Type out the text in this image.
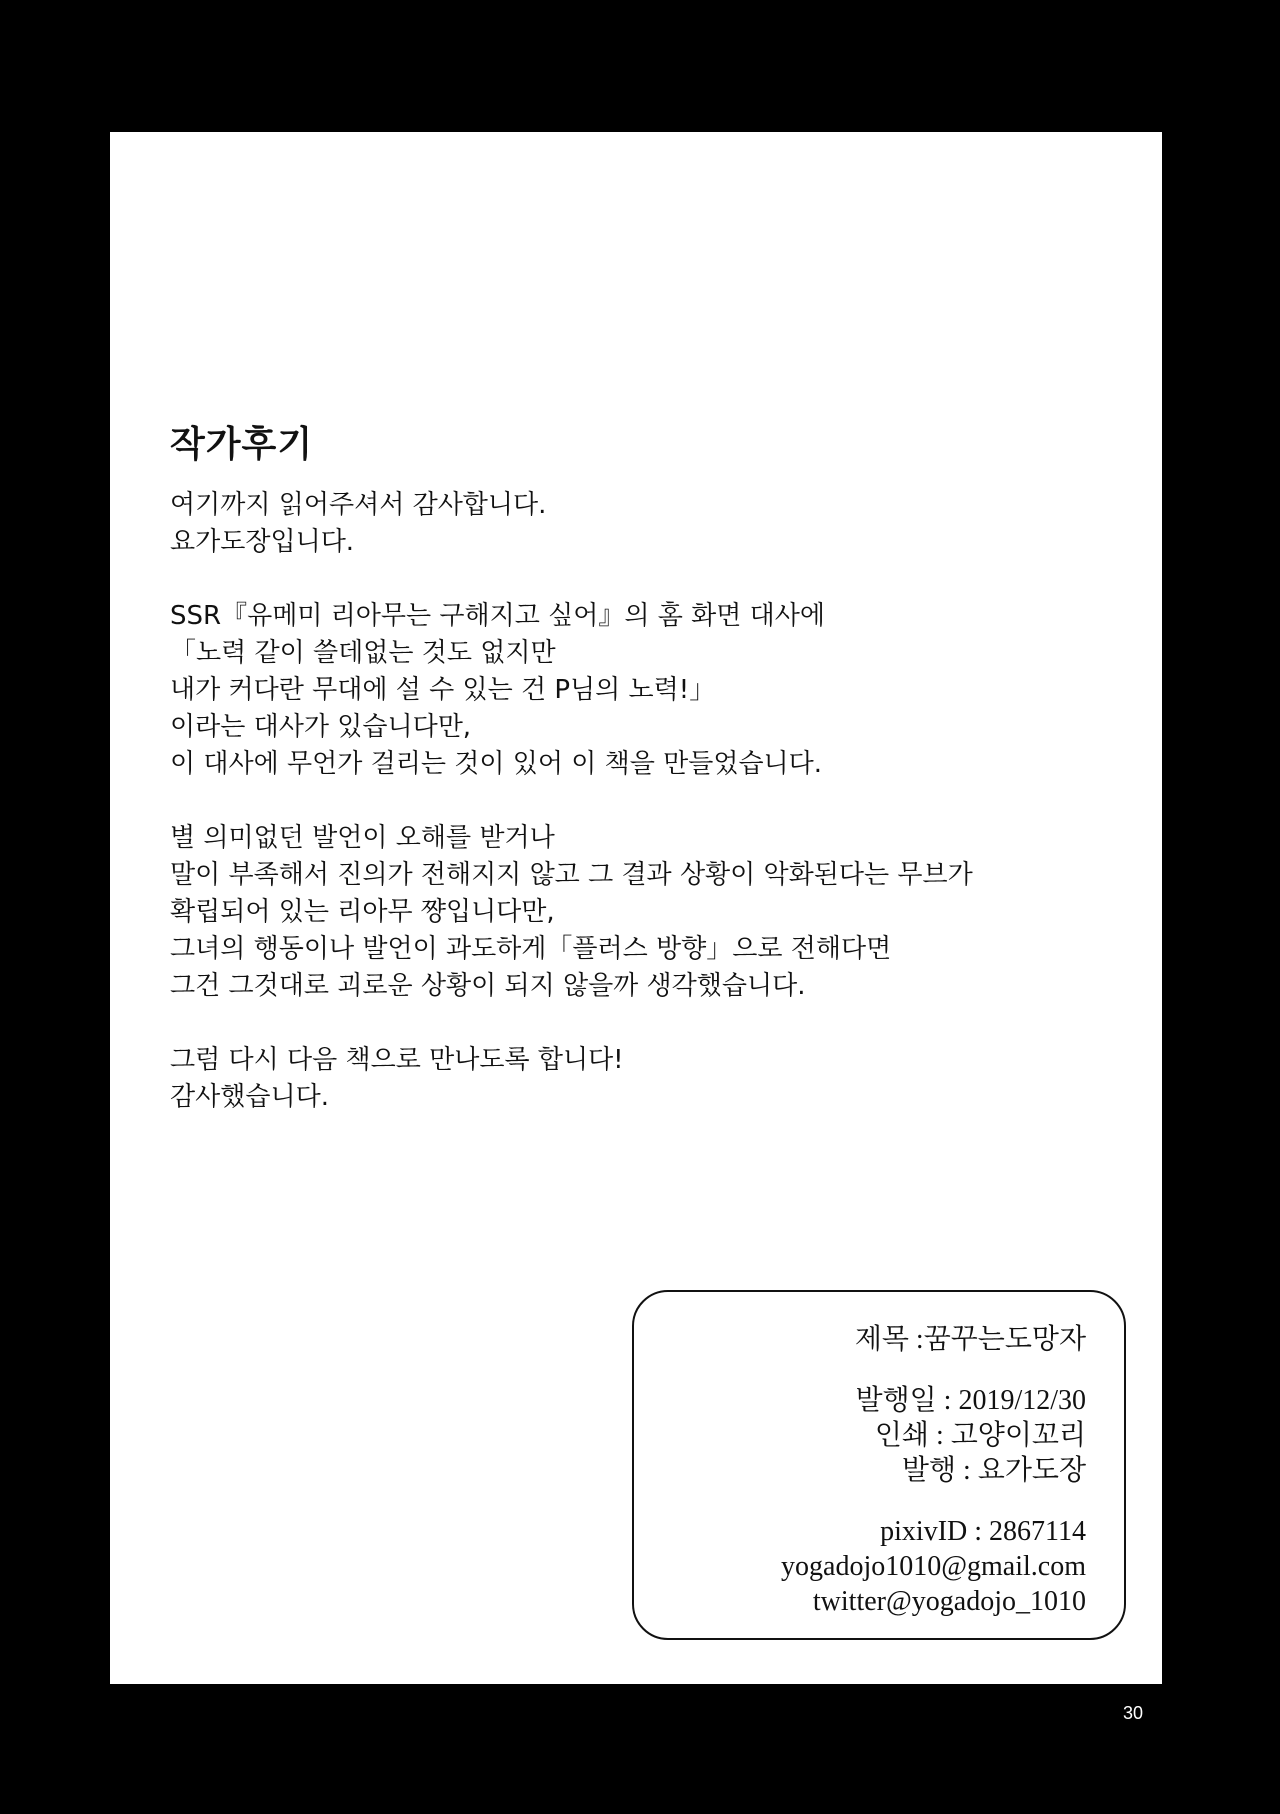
작가후기
여기까지 읽어주셔서 감사합니다.
요가도장입니다.
SSR『유메미 리아무는 구해지고 싶어』의 홈 화면 대사에
「노력 같이 쓸데없는 것도 없지만
내가 커다란 무대에 설 수 있는 건 P님의 노력!」
이라는 대사가 있습니다만,
이 대사에 무언가 걸리는 것이 있어 이 책을 만들었습니다.
별 의미없던 발언이 오해를 받거나
말이 부족해서 진의가 전해지지 않고 그 결과 상황이 악화된다는 무브가
확립되어 있는 리아무 쨩입니다만,
그녀의 행동이나 발언이 과도하게「플러스 방향」으로 전해다면
그건 그것대로 괴로운 상황이 되지 않을까 생각했습니다.
그럼 다시 다음 책으로 만나도록 합니다!
감사했습니다.
제목 :꿈꾸는도망자
발행일 : 2019/12/30
인쇄 : 고양이꼬리
발행 : 요가도장
pixivID : 2867114
yogadojo1010@gmail.com
twitter@yogadojo_1010
30
